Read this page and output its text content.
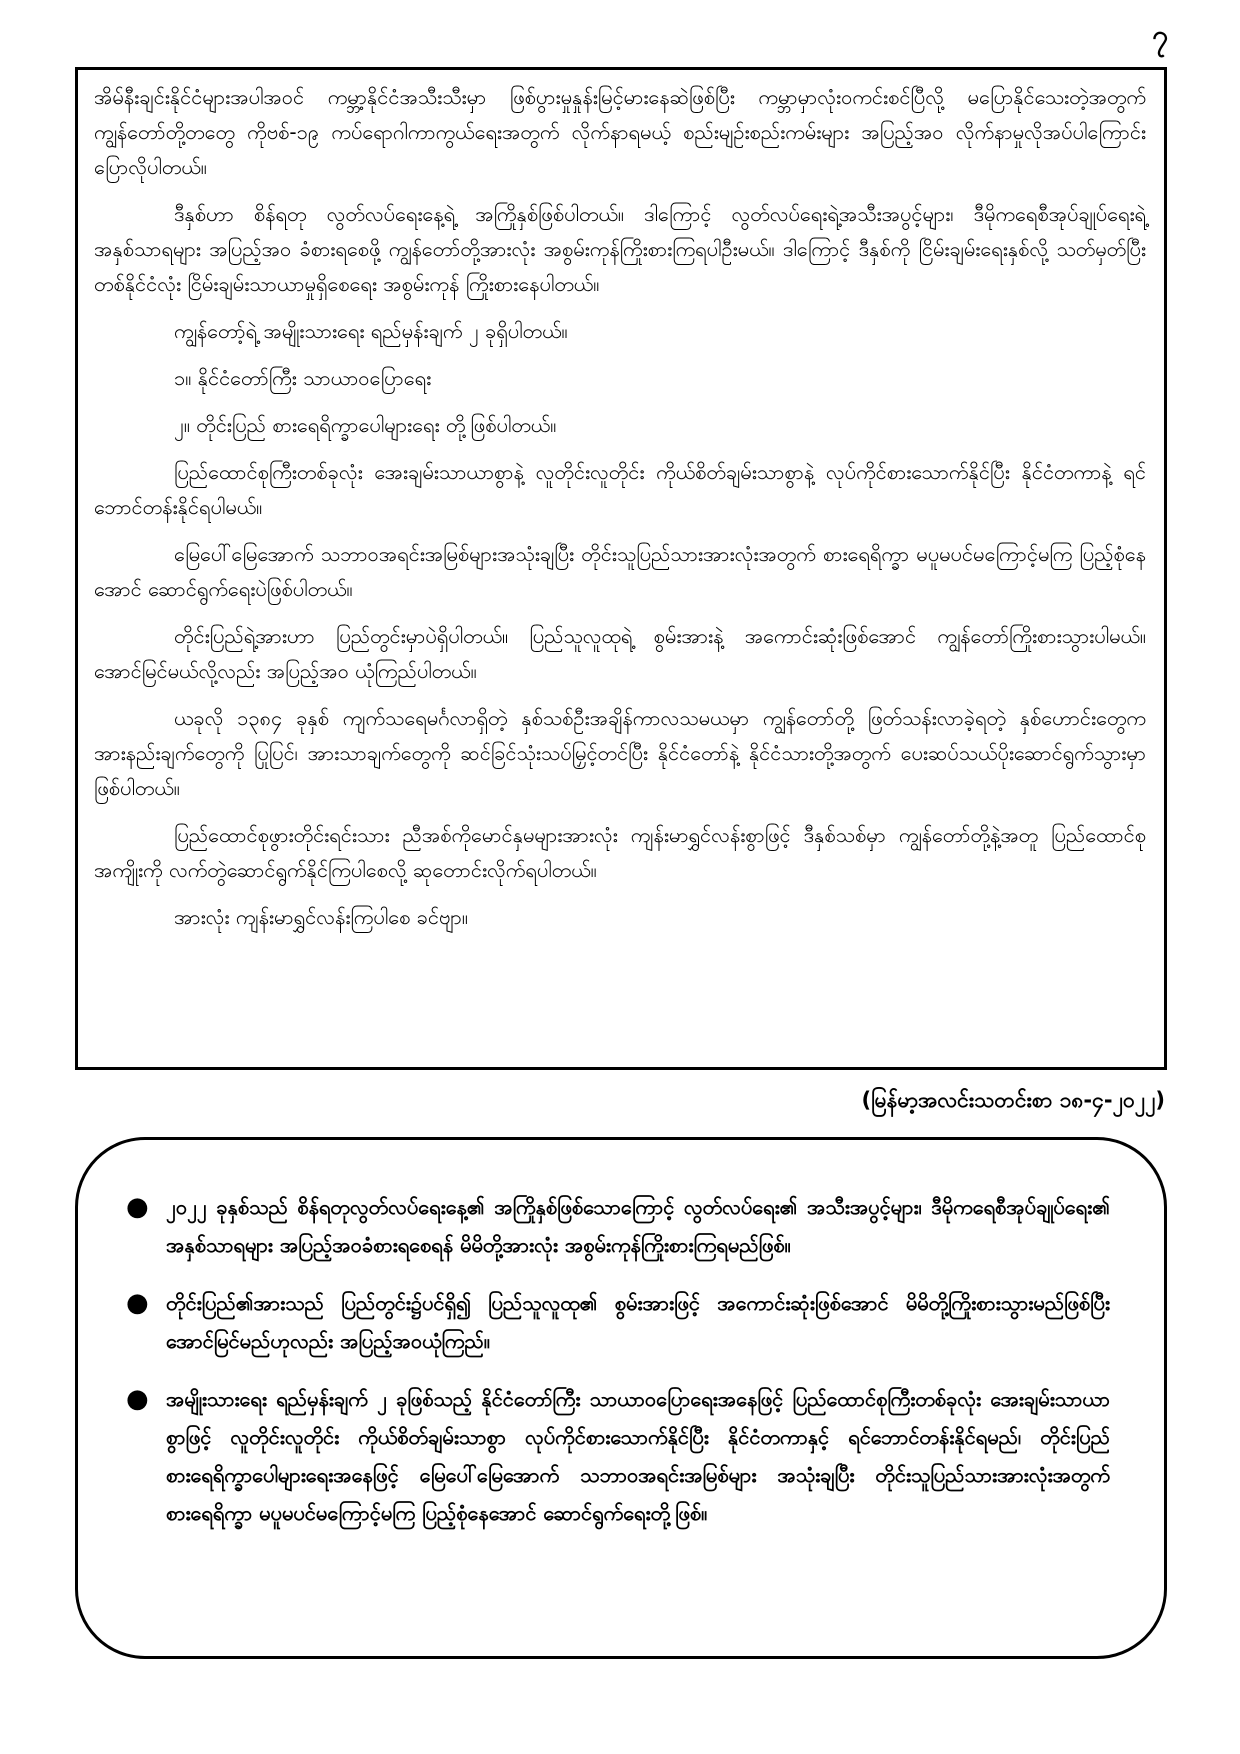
၇

အိမ်နီးချင်းနိုင်ငံများအပါအဝင် ကမ္ဘာ့နိုင်ငံအသီးသီးမှာ ဖြစ်ပွားမှုနှုန်းမြင့်မားနေဆဲဖြစ်ပြီး ကမ္ဘာမှာလုံးဝကင်းစင်ပြီလို့ မပြောနိုင်သေးတဲ့အတွက် ကျွန်တော်တို့တတွေ ကိုဗစ်-၁၉ ကပ်ရောဂါကာကွယ်ရေးအတွက် လိုက်နာရမယ့် စည်းမျဉ်းစည်းကမ်းများ အပြည့်အဝ လိုက်နာမှုလိုအပ်ပါကြောင်း ပြောလိုပါတယ်။

ဒီနှစ်ဟာ စိန်ရတု လွတ်လပ်ရေးနေ့ရဲ့ အကြိုနှစ်ဖြစ်ပါတယ်။ ဒါကြောင့် လွတ်လပ်ရေးရဲ့အသီးအပွင့်များ၊ ဒီမိုကရေစီအုပ်ချုပ်ရေးရဲ့ အနှစ်သာရများ အပြည့်အဝ ခံစားရစေဖို့ ကျွန်တော်တို့အားလုံး အစွမ်းကုန်ကြိုးစားကြရပါဦးမယ်။ ဒါကြောင့် ဒီနှစ်ကို ငြိမ်းချမ်းရေးနှစ်လို့ သတ်မှတ်ပြီး တစ်နိုင်ငံလုံး ငြိမ်းချမ်းသာယာမှုရှိစေရေး အစွမ်းကုန် ကြိုးစားနေပါတယ်။

ကျွန်တော့်ရဲ့ အမျိုးသားရေး ရည်မှန်းချက် ၂ ခုရှိပါတယ်။

၁။ နိုင်ငံတော်ကြီး သာယာဝပြောရေး

၂။ တိုင်းပြည် စားရေရိက္ခာပေါများရေး တို့ဖြစ်ပါတယ်။

ပြည်ထောင်စုကြီးတစ်ခုလုံး အေးချမ်းသာယာစွာနဲ့ လူတိုင်းလူတိုင်း ကိုယ်စိတ်ချမ်းသာစွာနဲ့ လုပ်ကိုင်စားသောက်နိုင်ပြီး နိုင်ငံတကာနဲ့ ရင်ဘောင်တန်းနိုင်ရပါမယ်။

မြေပေါ်မြေအောက် သဘာဝအရင်းအမြစ်များအသုံးချပြီး တိုင်းသူပြည်သားအားလုံးအတွက် စားရေရိက္ခာ မပူမပင်မကြောင့်မကြ ပြည့်စုံနေအောင် ဆောင်ရွက်ရေးပဲဖြစ်ပါတယ်။

တိုင်းပြည်ရဲ့အားဟာ ပြည်တွင်းမှာပဲရှိပါတယ်။ ပြည်သူလူထုရဲ့ စွမ်းအားနဲ့ အကောင်းဆုံးဖြစ်အောင် ကျွန်တော်ကြိုးစားသွားပါမယ်။ အောင်မြင်မယ်လို့လည်း အပြည့်အဝ ယုံကြည်ပါတယ်။

ယခုလို ၁၃၈၄ ခုနှစ် ကျက်သရေမင်္ဂလာရှိတဲ့ နှစ်သစ်ဦးအချိန်ကာလသမယမှာ ကျွန်တော်တို့ ဖြတ်သန်းလာခဲ့ရတဲ့ နှစ်ဟောင်းတွေက အားနည်းချက်တွေကို ပြုပြင်၊ အားသာချက်တွေကို ဆင်ခြင်သုံးသပ်မြှင့်တင်ပြီး နိုင်ငံတော်နဲ့ နိုင်ငံသားတို့အတွက် ပေးဆပ်သယ်ပိုးဆောင်ရွက်သွားမှာ ဖြစ်ပါတယ်။

ပြည်ထောင်စုဖွားတိုင်းရင်းသား ညီအစ်ကိုမောင်နှမများအားလုံး ကျန်းမာရွှင်လန်းစွာဖြင့် ဒီနှစ်သစ်မှာ ကျွန်တော်တို့နဲ့အတူ ပြည်ထောင်စုအကျိုးကို လက်တွဲဆောင်ရွက်နိုင်ကြပါစေလို့ ဆုတောင်းလိုက်ရပါတယ်။

အားလုံး ကျန်းမာရွှင်လန်းကြပါစေ ခင်ဗျာ။

(မြန်မာ့အလင်းသတင်းစာ ၁၈-၄-၂၀၂၂)
● ၂၀၂၂ ခုနှစ်သည် စိန်ရတုလွတ်လပ်ရေးနေ့၏ အကြိုနှစ်ဖြစ်သောကြောင့် လွတ်လပ်ရေး၏ အသီးအပွင့်များ၊ ဒီမိုကရေစီအုပ်ချုပ်ရေး၏ အနှစ်သာရများ အပြည့်အဝခံစားရစေရန် မိမိတို့အားလုံး အစွမ်းကုန်ကြိုးစားကြရမည်ဖြစ်။
● တိုင်းပြည်၏အားသည် ပြည်တွင်း၌ပင်ရှိ၍ ပြည်သူလူထု၏ စွမ်းအားဖြင့် အကောင်းဆုံးဖြစ်အောင် မိမိတို့ကြိုးစားသွားမည်ဖြစ်ပြီး အောင်မြင်မည်ဟုလည်း အပြည့်အဝယုံကြည်။
● အမျိုးသားရေး ရည်မှန်းချက် ၂ ခုဖြစ်သည့် နိုင်ငံတော်ကြီး သာယာဝပြောရေးအနေဖြင့် ပြည်ထောင်စုကြီးတစ်ခုလုံး အေးချမ်းသာယာစွာဖြင့် လူတိုင်းလူတိုင်း ကိုယ်စိတ်ချမ်းသာစွာ လုပ်ကိုင်စားသောက်နိုင်ပြီး နိုင်ငံတကာနှင့် ရင်ဘောင်တန်းနိုင်ရမည်၊ တိုင်းပြည်စားရေရိက္ခာပေါများရေးအနေဖြင့် မြေပေါ်မြေအောက် သဘာဝအရင်းအမြစ်များ အသုံးချပြီး တိုင်းသူပြည်သားအားလုံးအတွက် စားရေရိက္ခာ မပူမပင်မကြောင့်မကြ ပြည့်စုံနေအောင် ဆောင်ရွက်ရေးတို့ဖြစ်။
